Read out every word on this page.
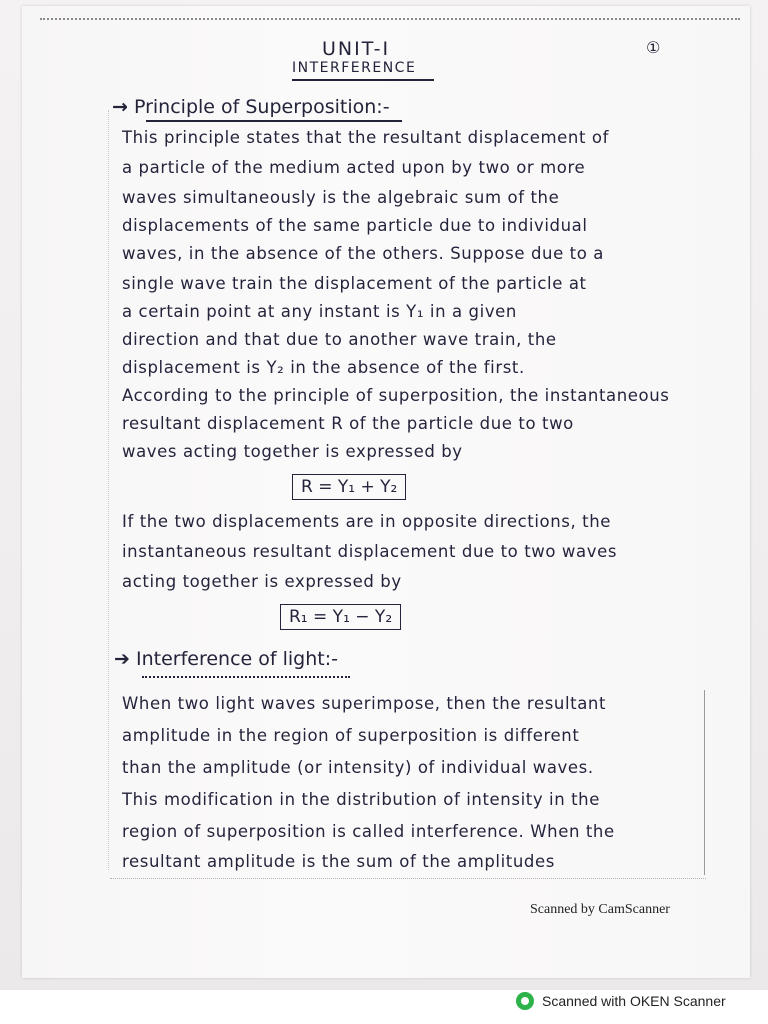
UNIT-I
INTERFERENCE
①
→ Principle of Superposition:-
This principle states that the resultant displacement of
a particle of the medium acted upon by two or more
waves simultaneously is the algebraic sum of the
displacements of the same particle due to individual
waves, in the absence of the others. Suppose due to a
single wave train the displacement of the particle at
a certain point at any instant is Y₁ in a given
direction and that due to another wave train, the
displacement is Y₂ in the absence of the first.
According to the principle of superposition, the instantaneous
resultant displacement R of the particle due to two
waves acting together is expressed by
R = Y₁ + Y₂
If the two displacements are in opposite directions, the
instantaneous resultant displacement due to two waves
acting together is expressed by
R₁ = Y₁ − Y₂
➔ Interference of light:-
When two light waves superimpose, then the resultant
amplitude in the region of superposition is different
than the amplitude (or intensity) of individual waves.
This modification in the distribution of intensity in the
region of superposition is called interference. When the
resultant amplitude is the sum of the amplitudes
Scanned by CamScanner
Scanned with OKEN Scanner
